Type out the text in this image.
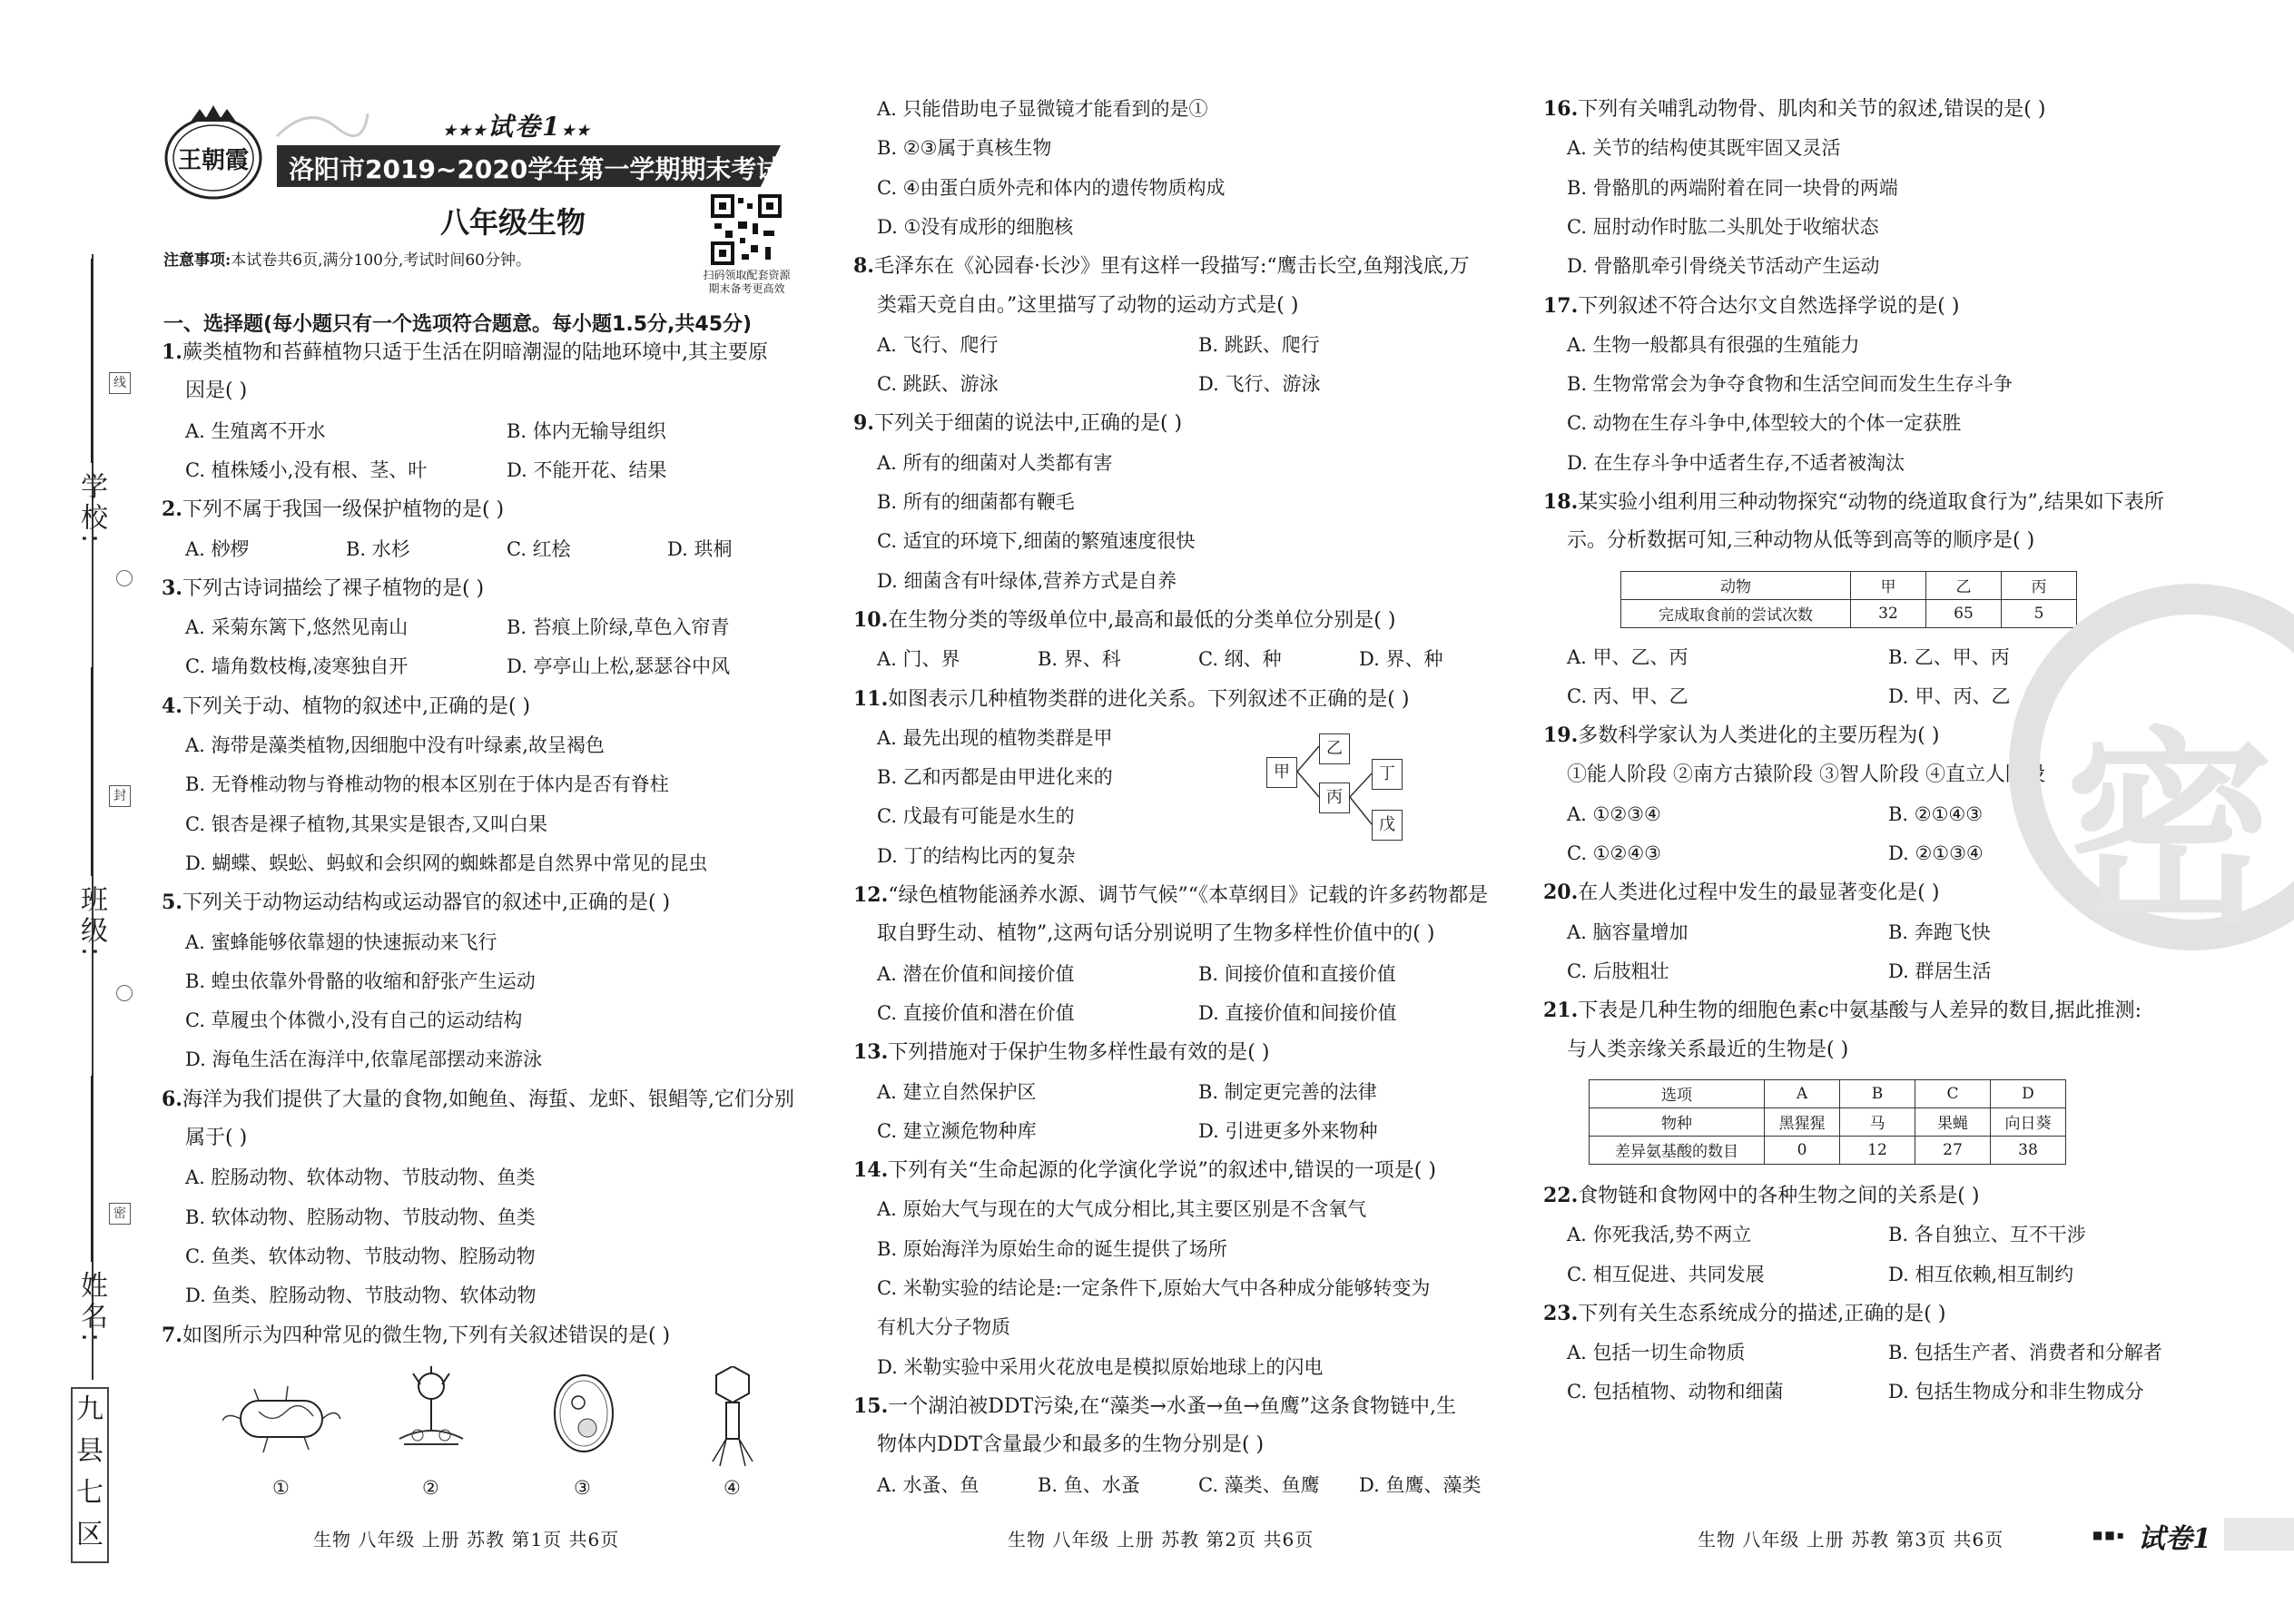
线
封
密
学校:
班级:
姓名:
九
县
七
区
王朝霞
★★★试卷1★★
洛阳市2019~2020学年第一学期期末考试试卷
八年级生物
扫码领取配套资源
期末备考更高效
注意事项:本试卷共6页,满分100分,考试时间60分钟。
一、选择题(每小题只有一个选项符合题意。每小题1.5分,共45分)
1.蕨类植物和苔藓植物只适于生活在阴暗潮湿的陆地环境中,其主要原
因是( )
A. 生殖离不开水	B. 体内无输导组织
C. 植株矮小,没有根、茎、叶	D. 不能开花、结果
2.下列不属于我国一级保护植物的是( )
A. 桫椤	B. 水杉	C. 红桧	D. 珙桐
3.下列古诗词描绘了裸子植物的是( )
A. 采菊东篱下,悠然见南山	B. 苔痕上阶绿,草色入帘青
C. 墙角数枝梅,凌寒独自开	D. 亭亭山上松,瑟瑟谷中风
4.下列关于动、植物的叙述中,正确的是( )
A. 海带是藻类植物,因细胞中没有叶绿素,故呈褐色
B. 无脊椎动物与脊椎动物的根本区别在于体内是否有脊柱
C. 银杏是裸子植物,其果实是银杏,又叫白果
D. 蝴蝶、蜈蚣、蚂蚁和会织网的蜘蛛都是自然界中常见的昆虫
5.下列关于动物运动结构或运动器官的叙述中,正确的是( )
A. 蜜蜂能够依靠翅的快速振动来飞行
B. 蝗虫依靠外骨骼的收缩和舒张产生运动
C. 草履虫个体微小,没有自己的运动结构
D. 海龟生活在海洋中,依靠尾部摆动来游泳
6.海洋为我们提供了大量的食物,如鲍鱼、海蜇、龙虾、银鲳等,它们分别
属于( )
A. 腔肠动物、软体动物、节肢动物、鱼类
B. 软体动物、腔肠动物、节肢动物、鱼类
C. 鱼类、软体动物、节肢动物、腔肠动物
D. 鱼类、腔肠动物、节肢动物、软体动物
7.如图所示为四种常见的微生物,下列有关叙述错误的是( )
①	②	③	④
A. 只能借助电子显微镜才能看到的是①
B. ②③属于真核生物
C. ④由蛋白质外壳和体内的遗传物质构成
D. ①没有成形的细胞核
8.毛泽东在《沁园春·长沙》里有这样一段描写:“鹰击长空,鱼翔浅底,万
类霜天竞自由。”这里描写了动物的运动方式是( )
A. 飞行、爬行	B. 跳跃、爬行
C. 跳跃、游泳	D. 飞行、游泳
9.下列关于细菌的说法中,正确的是( )
A. 所有的细菌对人类都有害
B. 所有的细菌都有鞭毛
C. 适宜的环境下,细菌的繁殖速度很快
D. 细菌含有叶绿体,营养方式是自养
10.在生物分类的等级单位中,最高和最低的分类单位分别是( )
A. 门、界	B. 界、科	C. 纲、种	D. 界、种
11.如图表示几种植物类群的进化关系。下列叙述不正确的是( )
A. 最先出现的植物类群是甲
B. 乙和丙都是由甲进化来的
C. 戊最有可能是水生的
D. 丁的结构比丙的复杂
12.“绿色植物能涵养水源、调节气候”“《本草纲目》记载的许多药物都是
取自野生动、植物”,这两句话分别说明了生物多样性价值中的( )
A. 潜在价值和间接价值	B. 间接价值和直接价值
C. 直接价值和潜在价值	D. 直接价值和间接价值
13.下列措施对于保护生物多样性最有效的是( )
A. 建立自然保护区	B. 制定更完善的法律
C. 建立濒危物种库	D. 引进更多外来物种
14.下列有关“生命起源的化学演化学说”的叙述中,错误的一项是( )
A. 原始大气与现在的大气成分相比,其主要区别是不含氧气
B. 原始海洋为原始生命的诞生提供了场所
C. 米勒实验的结论是:一定条件下,原始大气中各种成分能够转变为
有机大分子物质
D. 米勒实验中采用火花放电是模拟原始地球上的闪电
15.一个湖泊被DDT污染,在“藻类→水蚤→鱼→鱼鹰”这条食物链中,生
物体内DDT含量最少和最多的生物分别是( )
A. 水蚤、鱼	B. 鱼、水蚤	C. 藻类、鱼鹰 D. 鱼鹰、藻类
甲
乙
丙
丁
戊
16.下列有关哺乳动物骨、肌肉和关节的叙述,错误的是( )
A. 关节的结构使其既牢固又灵活
B. 骨骼肌的两端附着在同一块骨的两端
C. 屈肘动作时肱二头肌处于收缩状态
D. 骨骼肌牵引骨绕关节活动产生运动
17.下列叙述不符合达尔文自然选择学说的是( )
A. 生物一般都具有很强的生殖能力
B. 生物常常会为争夺食物和生活空间而发生生存斗争
C. 动物在生存斗争中,体型较大的个体一定获胜
D. 在生存斗争中适者生存,不适者被淘汰
18.某实验小组利用三种动物探究“动物的绕道取食行为”,结果如下表所
示。分析数据可知,三种动物从低等到高等的顺序是( )
动物	甲	乙	丙
完成取食前的尝试次数	32	65	5
A. 甲、乙、丙	B. 乙、甲、丙
C. 丙、甲、乙	D. 甲、丙、乙
19.多数科学家认为人类进化的主要历程为( )
①能人阶段 ②南方古猿阶段 ③智人阶段 ④直立人阶段
A. ①②③④	B. ②①④③
C. ①②④③	D. ②①③④
20.在人类进化过程中发生的最显著变化是( )
A. 脑容量增加	B. 奔跑飞快
C. 后肢粗壮	D. 群居生活
21.下表是几种生物的细胞色素c中氨基酸与人差异的数目,据此推测:
与人类亲缘关系最近的生物是( )
选项	A	B	C	D
物种	黑猩猩	马	果蝇	向日葵
差异氨基酸的数目	0	12	27	38
22.食物链和食物网中的各种生物之间的关系是( )
A. 你死我活,势不两立	B. 各自独立、互不干涉
C. 相互促进、共同发展	D. 相互依赖,相互制约
23.下列有关生态系统成分的描述,正确的是( )
A. 包括一切生命物质	B. 包括生产者、消费者和分解者
C. 包括植物、动物和细菌	D. 包括生物成分和非生物成分
密
生物 八年级 上册 苏教 第1页 共6页	生物 八年级 上册 苏教 第2页 共6页	生物 八年级 上册 苏教 第3页 共6页	■■▪ 试卷1
